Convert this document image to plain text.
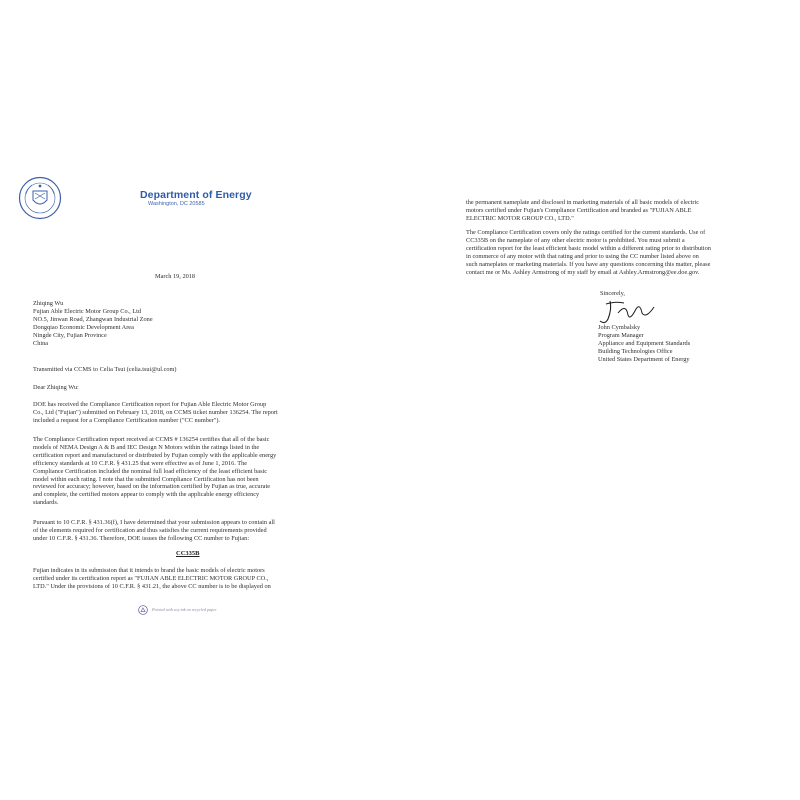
Department of Energy
Washington, DC 20585
March 19, 2018
Zhiqing Wu
Fujian Able Electric Motor Group Co., Ltd
NO.5, Jinwan Road, Zhangwan Industrial Zone
Dongqiao Economic Development Area
Ningde City, Fujian Province
China
Transmitted via CCMS to Celia Tsui (celia.tsui@ul.com)
Dear Zhiqing Wu:
DOE has received the Compliance Certification report for Fujian Able Electric Motor Group
Co., Ltd ("Fujian") submitted on February 13, 2018, on CCMS ticket number 136254. The report
included a request for a Compliance Certification number ("CC number").
The Compliance Certification report received at CCMS # 136254 certifies that all of the basic
models of NEMA Design A & B and IEC Design N Motors within the ratings listed in the
certification report and manufactured or distributed by Fujian comply with the applicable energy
efficiency standards at 10 C.F.R. § 431.25 that were effective as of June 1, 2016. The
Compliance Certification included the nominal full load efficiency of the least efficient basic
model within each rating. I note that the submitted Compliance Certification has not been
reviewed for accuracy; however, based on the information certified by Fujian as true, accurate
and complete, the certified motors appear to comply with the applicable energy efficiency
standards.
Pursuant to 10 C.F.R. § 431.36(f), I have determined that your submission appears to contain all
of the elements required for certification and thus satisfies the current requirements provided
under 10 C.F.R. § 431.36. Therefore, DOE issues the following CC number to Fujian:
CC335B
Fujian indicates in its submission that it intends to brand the basic models of electric motors
certified under its certification report as "FUJIAN ABLE ELECTRIC MOTOR GROUP CO.,
LTD." Under the provisions of 10 C.F.R. § 431.21, the above CC number is to be displayed on
Printed with soy ink on recycled paper
the permanent nameplate and disclosed in marketing materials of all basic models of electric
motors certified under Fujian's Compliance Certification and branded as "FUJIAN ABLE
ELECTRIC MOTOR GROUP CO., LTD."
The Compliance Certification covers only the ratings certified for the current standards. Use of
CC335B on the nameplate of any other electric motor is prohibited. You must submit a
certification report for the least efficient basic model within a different rating prior to distribution
in commerce of any motor with that rating and prior to using the CC number listed above on
such nameplates or marketing materials. If you have any questions concerning this matter, please
contact me or Ms. Ashley Armstrong of my staff by email at Ashley.Armstrong@ee.doe.gov.
Sincerely,
John Cymbalsky
Program Manager
Appliance and Equipment Standards
Building Technologies Office
United States Department of Energy
